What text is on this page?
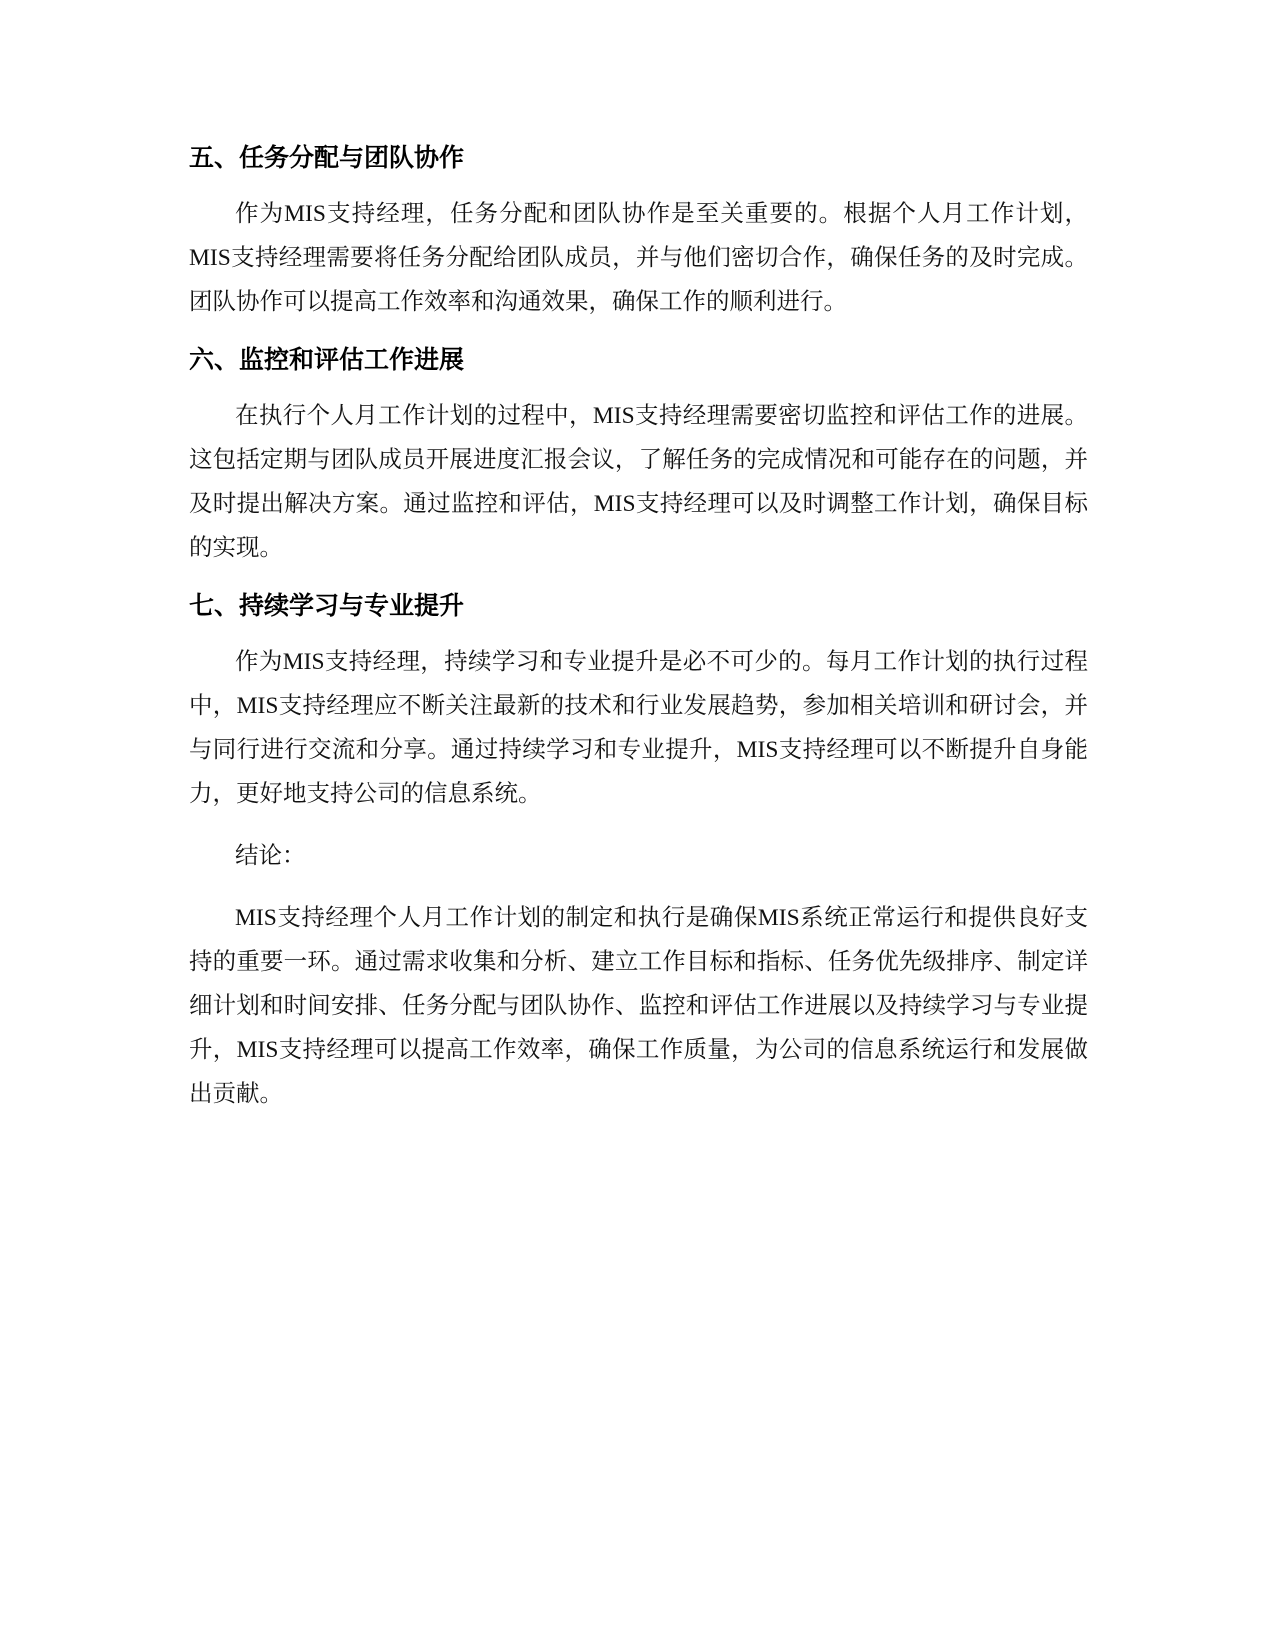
五、任务分配与团队协作

作为MIS支持经理，任务分配和团队协作是至关重要的。根据个人月工作计划，MIS支持经理需要将任务分配给团队成员，并与他们密切合作，确保任务的及时完成。团队协作可以提高工作效率和沟通效果，确保工作的顺利进行。

六、监控和评估工作进展

在执行个人月工作计划的过程中，MIS支持经理需要密切监控和评估工作的进展。这包括定期与团队成员开展进度汇报会议，了解任务的完成情况和可能存在的问题，并及时提出解决方案。通过监控和评估，MIS支持经理可以及时调整工作计划，确保目标的实现。

七、持续学习与专业提升

作为MIS支持经理，持续学习和专业提升是必不可少的。每月工作计划的执行过程中，MIS支持经理应不断关注最新的技术和行业发展趋势，参加相关培训和研讨会，并与同行进行交流和分享。通过持续学习和专业提升，MIS支持经理可以不断提升自身能力，更好地支持公司的信息系统。

结论：

MIS支持经理个人月工作计划的制定和执行是确保MIS系统正常运行和提供良好支持的重要一环。通过需求收集和分析、建立工作目标和指标、任务优先级排序、制定详细计划和时间安排、任务分配与团队协作、监控和评估工作进展以及持续学习与专业提升，MIS支持经理可以提高工作效率，确保工作质量，为公司的信息系统运行和发展做出贡献。
